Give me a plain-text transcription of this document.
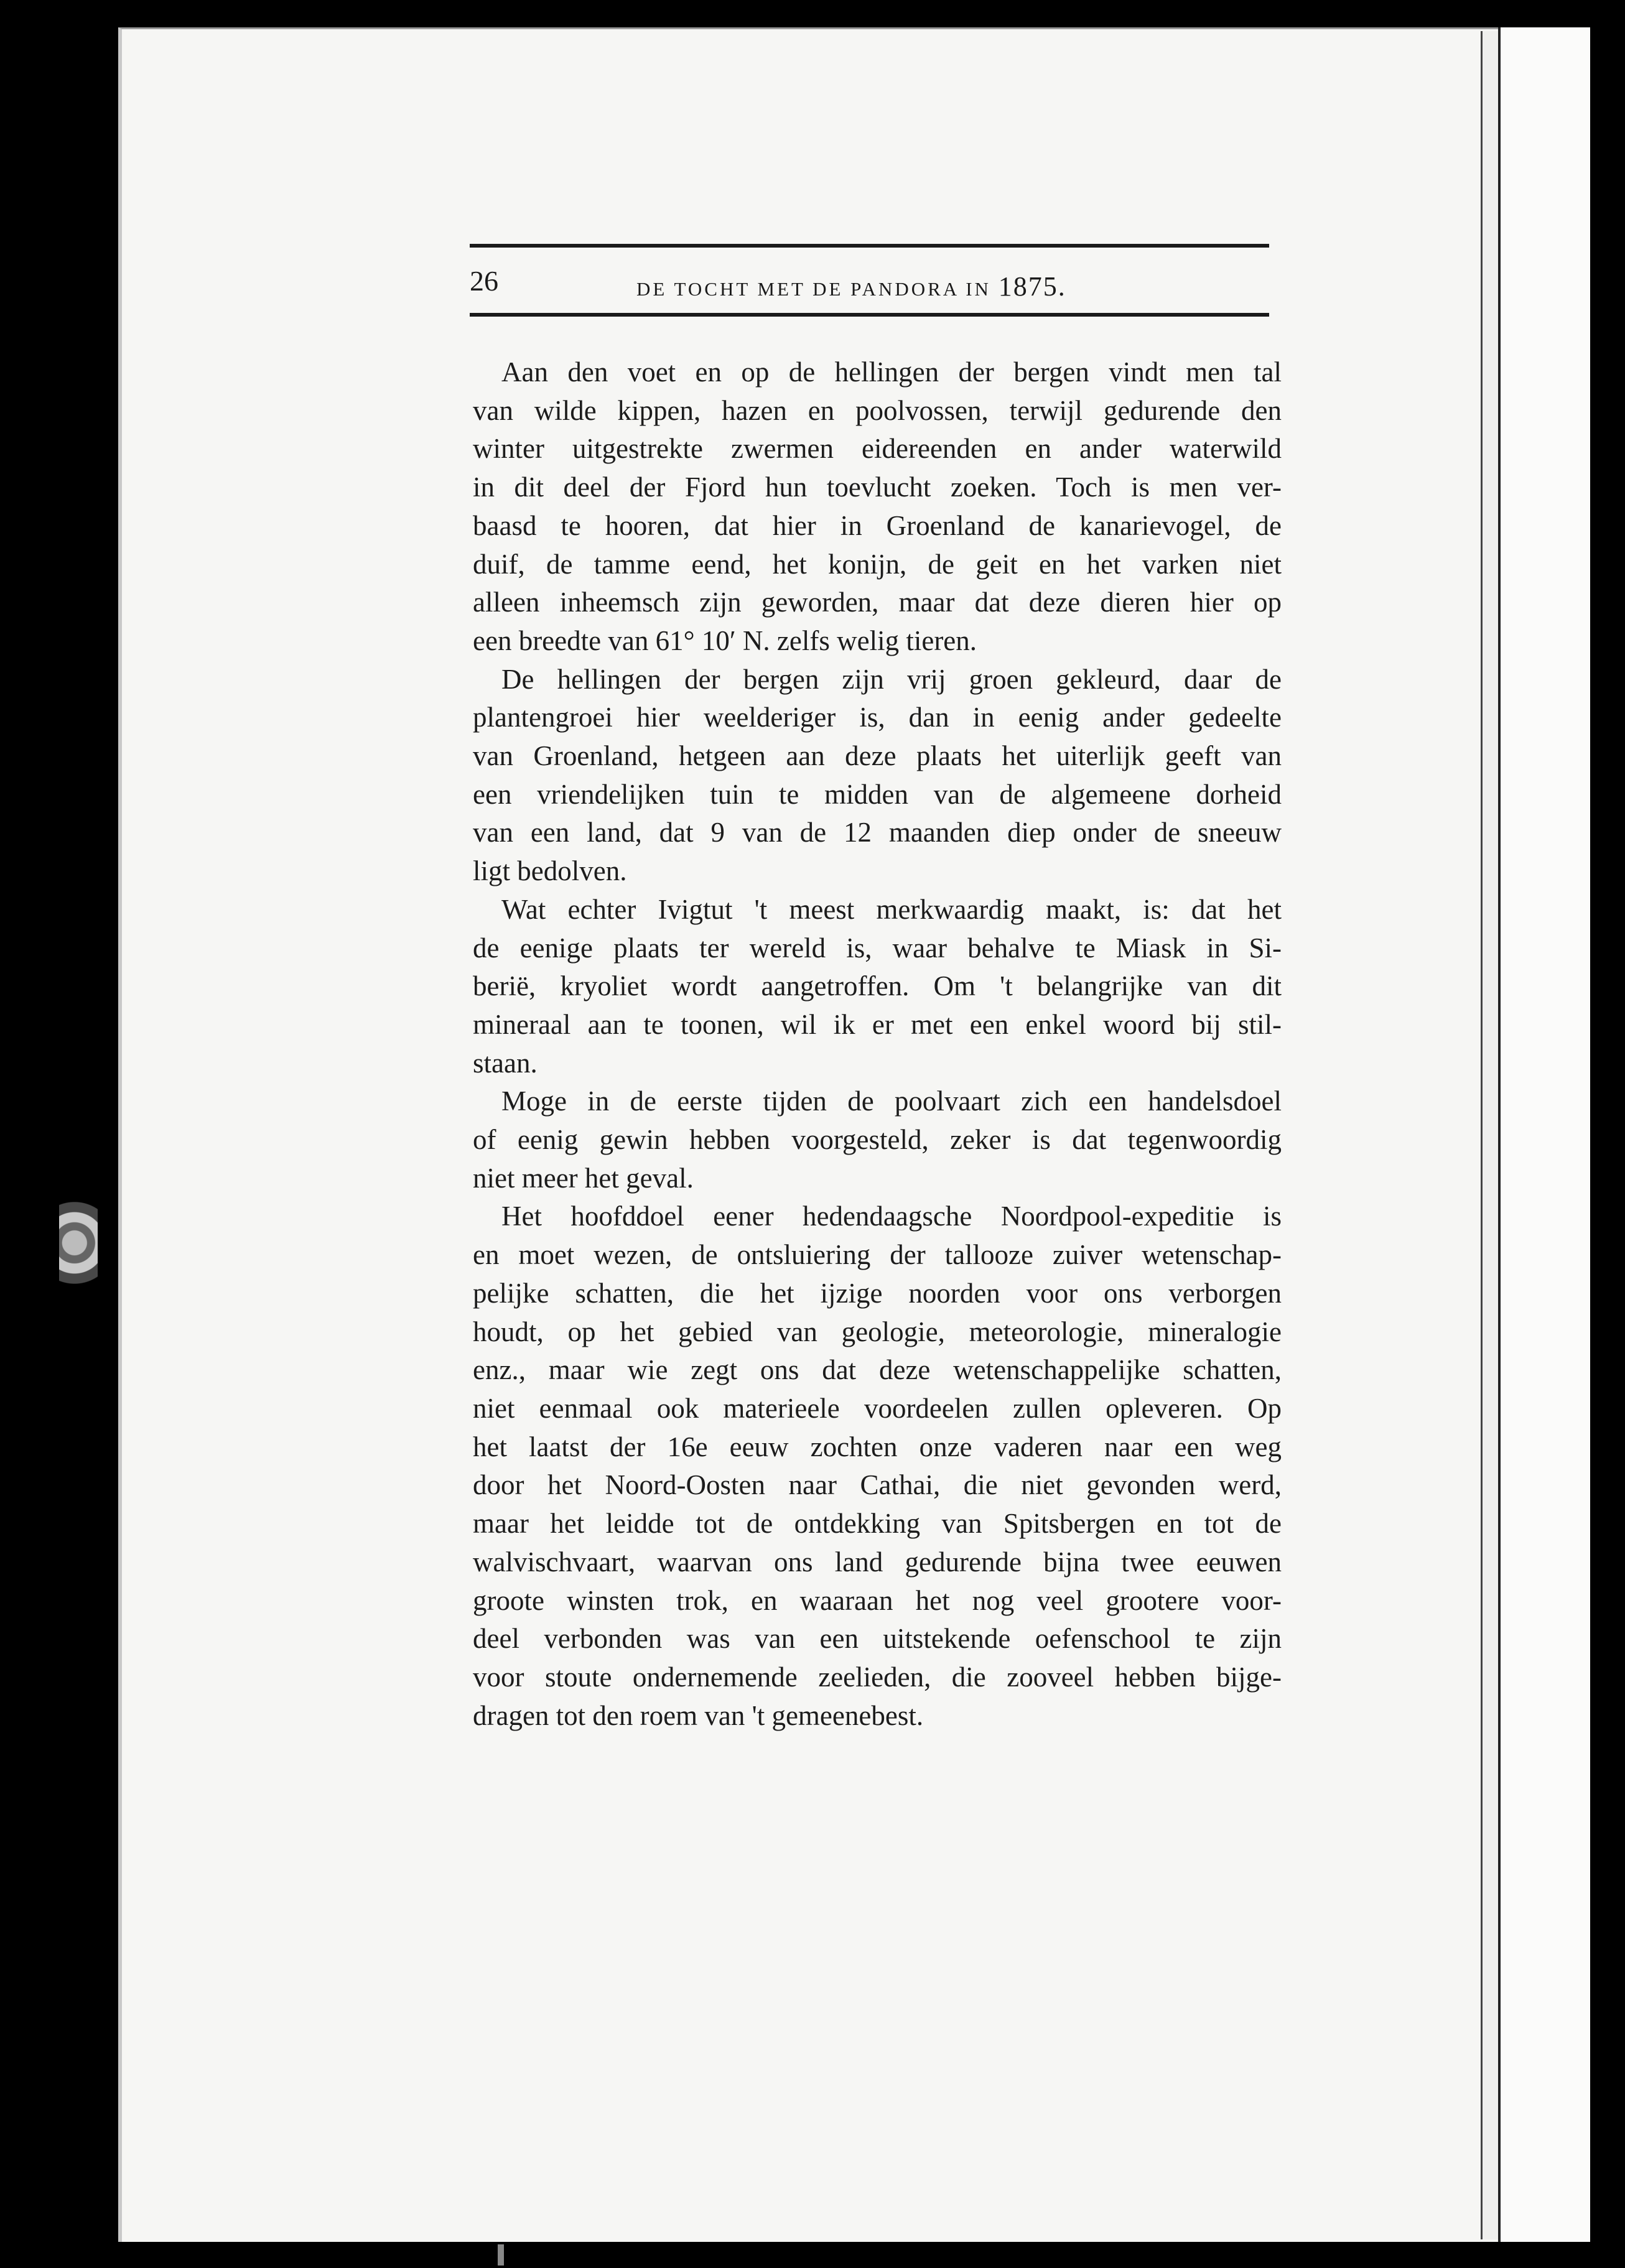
26	DE TOCHT MET DE PANDORA IN 1875.

Aan den voet en op de hellingen der bergen vindt men tal
van wilde kippen, hazen en poolvossen, terwijl gedurende den
winter uitgestrekte zwermen eidereenden en ander waterwild
in dit deel der Fjord hun toevlucht zoeken. Toch is men ver-
baasd te hooren, dat hier in Groenland de kanarievogel, de
duif, de tamme eend, het konijn, de geit en het varken niet
alleen inheemsch zijn geworden, maar dat deze dieren hier op
een breedte van 61° 10′ N. zelfs welig tieren.

De hellingen der bergen zijn vrij groen gekleurd, daar de
plantengroei hier weelderiger is, dan in eenig ander gedeelte
van Groenland, hetgeen aan deze plaats het uiterlijk geeft van
een vriendelijken tuin te midden van de algemeene dorheid
van een land, dat 9 van de 12 maanden diep onder de sneeuw
ligt bedolven.

Wat echter Ivigtut 't meest merkwaardig maakt, is: dat het
de eenige plaats ter wereld is, waar behalve te Miask in Si-
berië, kryoliet wordt aangetroffen. Om 't belangrijke van dit
mineraal aan te toonen, wil ik er met een enkel woord bij stil-
staan.

Moge in de eerste tijden de poolvaart zich een handelsdoel
of eenig gewin hebben voorgesteld, zeker is dat tegenwoordig
niet meer het geval.

Het hoofddoel eener hedendaagsche Noordpool-expeditie is
en moet wezen, de ontsluiering der tallooze zuiver wetenschap-
pelijke schatten, die het ijzige noorden voor ons verborgen
houdt, op het gebied van geologie, meteorologie, mineralogie
enz., maar wie zegt ons dat deze wetenschappelijke schatten,
niet eenmaal ook materieele voordeelen zullen opleveren. Op
het laatst der 16e eeuw zochten onze vaderen naar een weg
door het Noord-Oosten naar Cathai, die niet gevonden werd,
maar het leidde tot de ontdekking van Spitsbergen en tot de
walvischvaart, waarvan ons land gedurende bijna twee eeuwen
groote winsten trok, en waaraan het nog veel grootere voor-
deel verbonden was van een uitstekende oefenschool te zijn
voor stoute ondernemende zeelieden, die zooveel hebben bijge-
dragen tot den roem van 't gemeenebest.
